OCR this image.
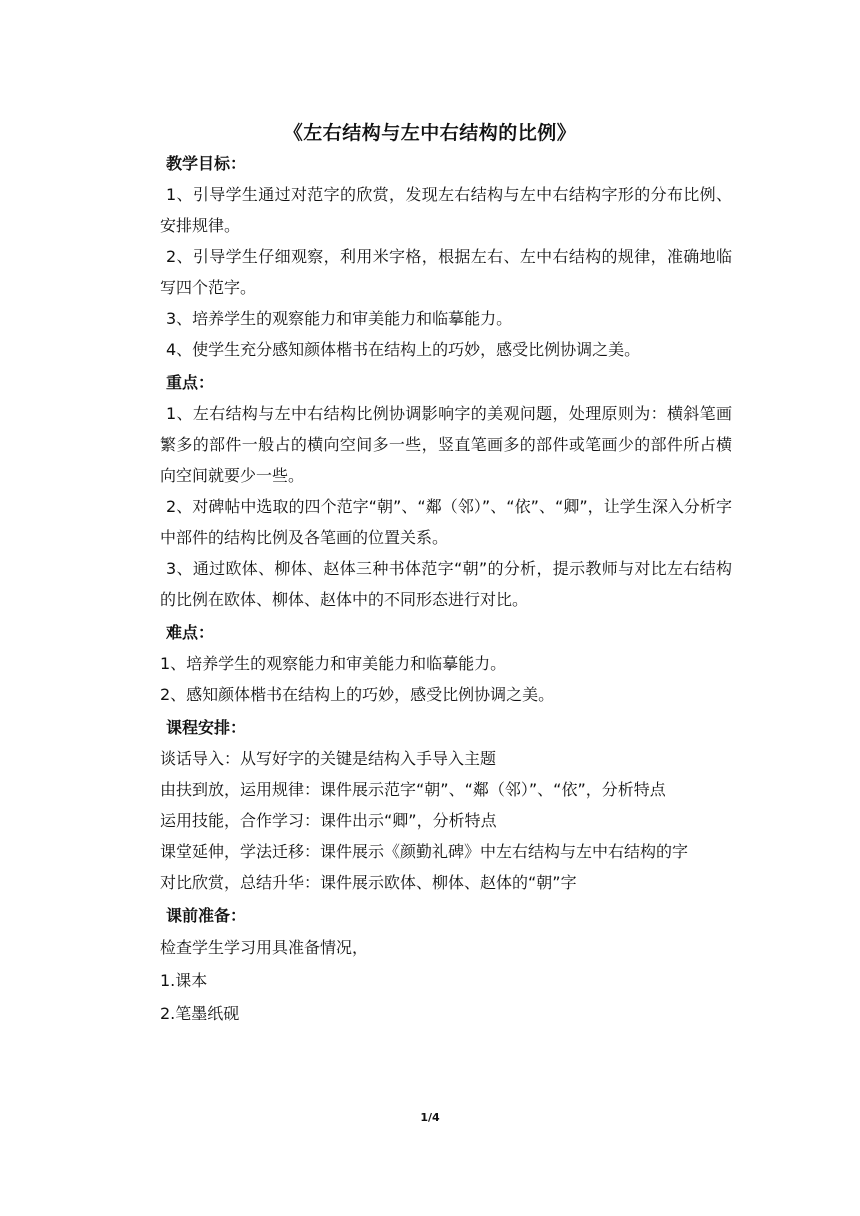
《左右结构与左中右结构的比例》
教学目标：

1、引导学生通过对范字的欣赏，发现左右结构与左中右结构字形的分布比例、安排规律。

2、引导学生仔细观察，利用米字格，根据左右、左中右结构的规律，准确地临写四个范字。

3、培养学生的观察能力和审美能力和临摹能力。

4、使学生充分感知颜体楷书在结构上的巧妙，感受比例协调之美。

重点：

1、左右结构与左中右结构比例协调影响字的美观问题，处理原则为：横斜笔画繁多的部件一般占的横向空间多一些，竖直笔画多的部件或笔画少的部件所占横向空间就要少一些。

2、对碑帖中选取的四个范字“朝”、“鄰（邻）”、“依”、“卿”，让学生深入分析字中部件的结构比例及各笔画的位置关系。

3、通过欧体、柳体、赵体三种书体范字“朝”的分析，提示教师与对比左右结构的比例在欧体、柳体、赵体中的不同形态进行对比。

难点：

1、培养学生的观察能力和审美能力和临摹能力。

2、感知颜体楷书在结构上的巧妙，感受比例协调之美。

课程安排：

谈话导入：从写好字的关键是结构入手导入主题

由扶到放，运用规律：课件展示范字“朝”、“鄰（邻）”、“依”，分析特点

运用技能，合作学习：课件出示“卿”，分析特点

课堂延伸，学法迁移：课件展示《颜勤礼碑》中左右结构与左中右结构的字

对比欣赏，总结升华：课件展示欧体、柳体、赵体的“朝”字

课前准备：

检查学生学习用具准备情况，

1.课本

2.笔墨纸砚

1/4
